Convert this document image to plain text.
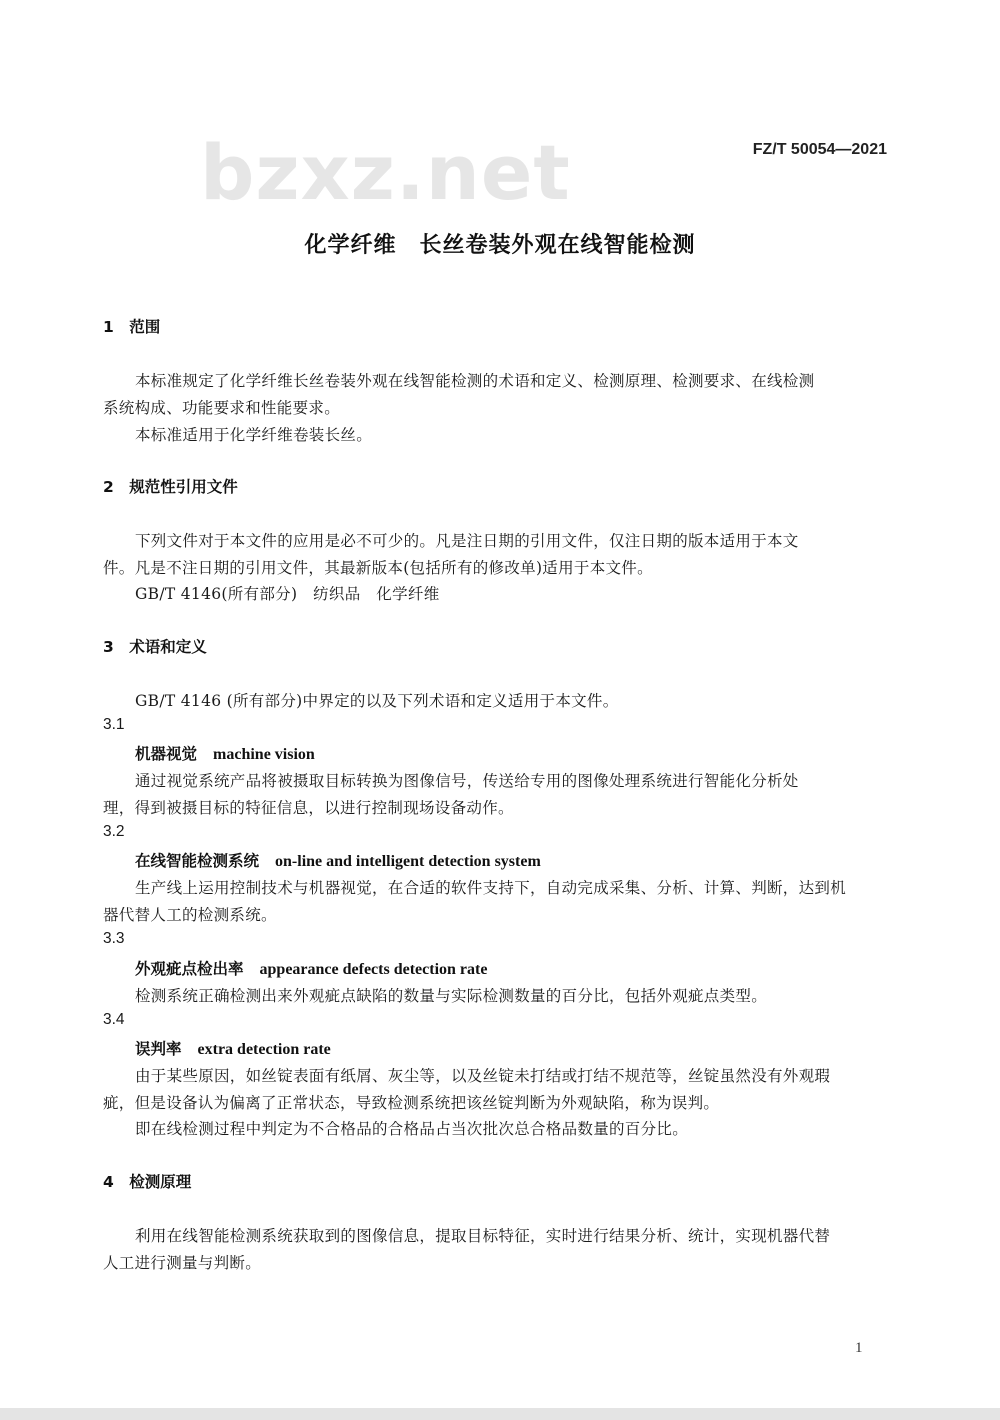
bzxz.net	FZ/T 50054—2021
化学纤维　长丝卷装外观在线智能检测
1　范围
本标准规定了化学纤维长丝卷装外观在线智能检测的术语和定义、检测原理、检测要求、在线检测
系统构成、功能要求和性能要求。
本标准适用于化学纤维卷装长丝。
2　规范性引用文件
下列文件对于本文件的应用是必不可少的。凡是注日期的引用文件，仅注日期的版本适用于本文
件。凡是不注日期的引用文件，其最新版本(包括所有的修改单)适用于本文件。
GB/T 4146(所有部分)　纺织品　化学纤维
3　术语和定义
GB/T 4146 (所有部分)中界定的以及下列术语和定义适用于本文件。
3.1
机器视觉 machine vision
通过视觉系统产品将被摄取目标转换为图像信号，传送给专用的图像处理系统进行智能化分析处
理，得到被摄目标的特征信息，以进行控制现场设备动作。
3.2
在线智能检测系统 on-line and intelligent detection system
生产线上运用控制技术与机器视觉，在合适的软件支持下，自动完成采集、分析、计算、判断，达到机
器代替人工的检测系统。
3.3
外观疵点检出率 appearance defects detection rate
检测系统正确检测出来外观疵点缺陷的数量与实际检测数量的百分比，包括外观疵点类型。
3.4
误判率 extra detection rate
由于某些原因，如丝锭表面有纸屑、灰尘等，以及丝锭未打结或打结不规范等，丝锭虽然没有外观瑕
疵，但是设备认为偏离了正常状态，导致检测系统把该丝锭判断为外观缺陷，称为误判。
即在线检测过程中判定为不合格品的合格品占当次批次总合格品数量的百分比。
4　检测原理
利用在线智能检测系统获取到的图像信息，提取目标特征，实时进行结果分析、统计，实现机器代替
人工进行测量与判断。
1
